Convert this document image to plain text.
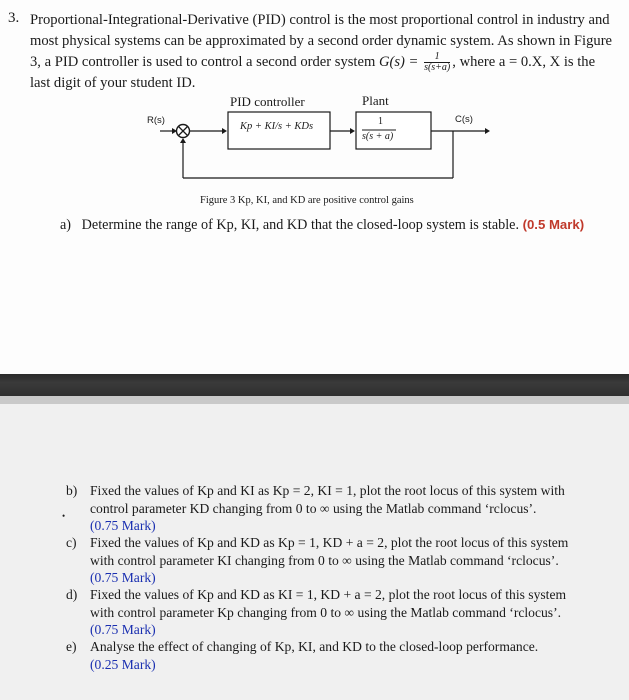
3. Proportional-Integrational-Derivative (PID) control is the most proportional control in industry and
most physical systems can be approximated by a second order dynamic system. As shown in Figure
3, a PID controller is used to control a second order system $G(s) = \frac{1}{s(s+a)}$ , where a = 0.X, X is the
last digit of your student ID.
PID controller	Plant
R(s)	C(s)
Kp + KI/s + KDs	1
s(s + a)
Figure 3 Kp, KI, and KD are positive control gains
a) Determine the range of Kp, KI, and KD that the closed-loop system is stable. (0.5 Mark)
b) Fixed the values of Kp and KI as Kp = 2, KI = 1, plot the root locus of this system with
control parameter KD changing from 0 to ∞ using the Matlab command ‘rclocus’.
(0.75 Mark)
•
c) Fixed the values of Kp and KD as Kp = 1, KD + a = 2, plot the root locus of this system
with control parameter KI changing from 0 to ∞ using the Matlab command ‘rclocus’.
(0.75 Mark)
d) Fixed the values of Kp and KD as KI = 1, KD + a = 2, plot the root locus of this system
with control parameter Kp changing from 0 to ∞ using the Matlab command ‘rclocus’.
(0.75 Mark)
e) Analyse the effect of changing of Kp, KI, and KD to the closed-loop performance.
(0.25 Mark)
